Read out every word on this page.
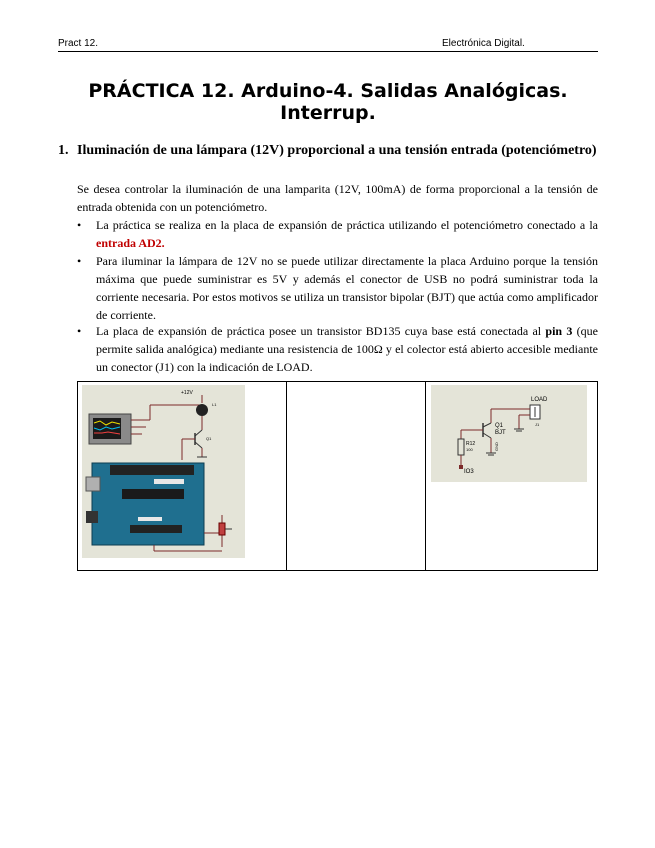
Pract 12.	Electrónica Digital.
PRÁCTICA 12. Arduino-4. Salidas Analógicas. Interrup.
1. Iluminación de una lámpara (12V) proporcional a una tensión entrada (potenciómetro)
Se desea controlar la iluminación de una lamparita (12V, 100mA) de forma proporcional a la tensión de entrada obtenida con un potenciómetro.
• La práctica se realiza en la placa de expansión de práctica utilizando el potenciómetro conectado a la entrada AD2.
• Para iluminar la lámpara de 12V no se puede utilizar directamente la placa Arduino porque la tensión máxima que puede suministrar es 5V y además el conector de USB no podrá suministrar toda la corriente necesaria. Por estos motivos se utiliza un transistor bipolar (BJT) que actúa como amplificador de corriente.
• La placa de expansión de práctica posee un transistor BD135 cuya base está conectada al pin 3 (que permite salida analógica) mediante una resistencia de 100Ω y el colector está abierto accesible mediante un conector (J1) con la indicación de LOAD.
+12V
L1
Q1

LOAD
J1
Q1
BJT
GND
R12
100
IO3
